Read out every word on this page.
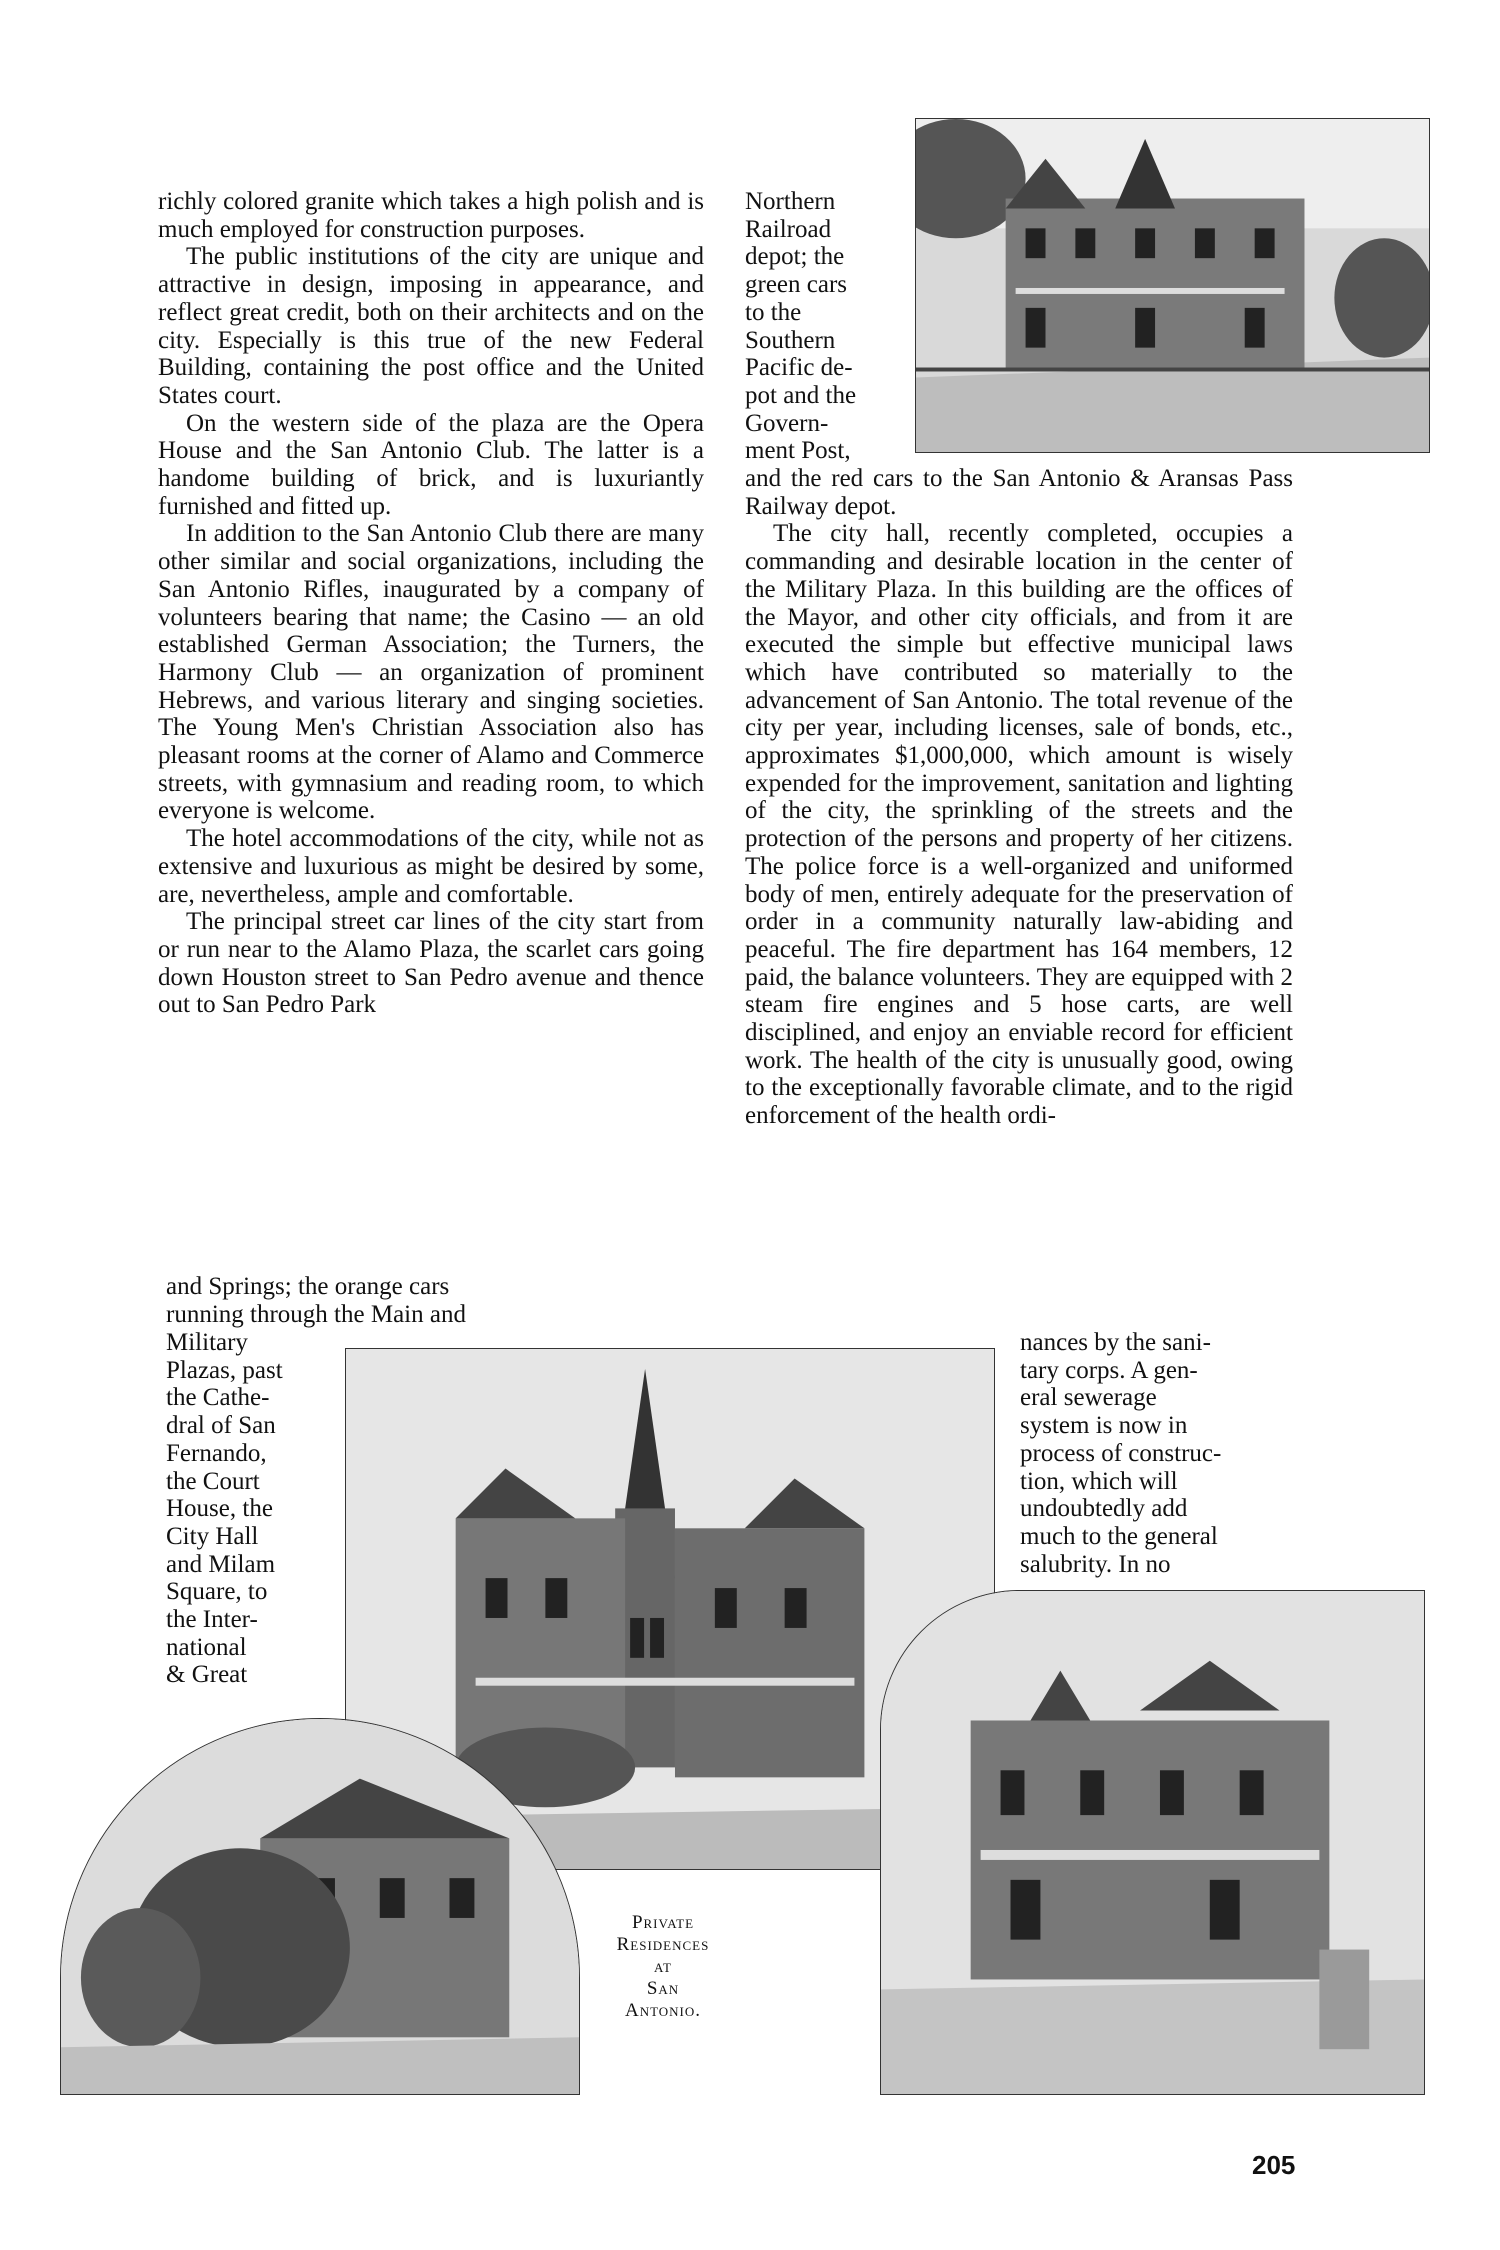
richly colored granite which takes a high polish and is much employed for construction purposes.

The public institutions of the city are unique and attractive in design, imposing in appearance, and reflect great credit, both on their architects and on the city. Especially is this true of the new Federal Building, containing the post office and the United States court.

On the western side of the plaza are the Opera House and the San Antonio Club. The latter is a handome building of brick, and is luxuriantly furnished and fitted up.

In addition to the San Antonio Club there are many other similar and social organizations, including the San Antonio Rifles, inaugurated by a company of volunteers bearing that name; the Casino — an old established German Association; the Turners, the Harmony Club — an organization of prominent Hebrews, and various literary and singing societies. The Young Men's Christian Association also has pleasant rooms at the corner of Alamo and Commerce streets, with gymnasium and reading room, to which everyone is welcome.

The hotel accommodations of the city, while not as extensive and luxurious as might be desired by some, are, nevertheless, ample and comfortable.

The principal street car lines of the city start from or run near to the Alamo Plaza, the scarlet cars going down Houston street to San Pedro avenue and thence out to San Pedro Park

and Springs; the orange cars
running through the Main and
Military
Plazas, past
the Cathe-
dral of San
Fernando,
the Court
House, the
City Hall
and Milam
Square, to
the Inter-
national
& Great
Northern
Railroad
depot; the
green cars
to the
Southern
Pacific de-
pot and the
Govern-
ment Post,

and the red cars to the San Antonio & Aransas Pass Railway depot.

The city hall, recently completed, occupies a commanding and desirable location in the center of the Military Plaza. In this building are the offices of the Mayor, and other city officials, and from it are executed the simple but effective municipal laws which have contributed so materially to the advancement of San Antonio. The total revenue of the city per year, including licenses, sale of bonds, etc., approximates $1,000,000, which amount is wisely expended for the improvement, sanitation and lighting of the city, the sprinkling of the streets and the protection of the persons and property of her citizens. The police force is a well-organized and uniformed body of men, entirely adequate for the preservation of order in a community naturally law-abiding and peaceful. The fire department has 164 members, 12 paid, the balance volunteers. They are equipped with 2 steam fire engines and 5 hose carts, are well disciplined, and enjoy an enviable record for efficient work. The health of the city is unusually good, owing to the exceptionally favorable climate, and to the rigid enforcement of the health ordi-

nances by the sani-
tary corps. A gen-
eral sewerage
system is now in
process of construc-
tion, which will
undoubtedly add
much to the general
salubrity. In no
Private
Residences
at
San
Antonio.
205
